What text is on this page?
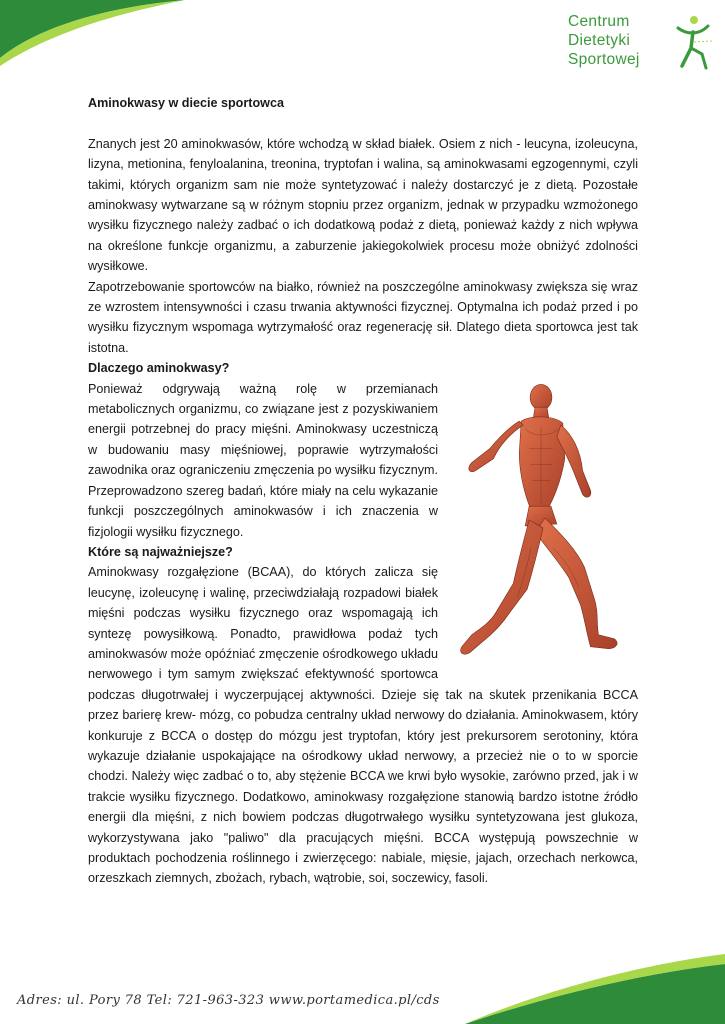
Centrum
Dietetyki
Sportowej

Aminokwasy w diecie sportowca

Znanych jest 20 aminokwasów, które wchodzą w skład białek. Osiem z nich - leucyna, izoleucyna, lizyna, metionina, fenyloalanina, treonina, tryptofan i walina, są aminokwasami egzogennymi, czyli takimi, których organizm sam nie może syntetyzować i należy dostarczyć je z dietą. Pozostałe aminokwasy wytwarzane są w różnym stopniu przez organizm, jednak w przypadku wzmożonego wysiłku fizycznego należy zadbać o ich dodatkową podaż z dietą, ponieważ każdy z nich wpływa na określone funkcje organizmu, a zaburzenie jakiegokolwiek procesu może obniżyć zdolności wysiłkowe.

Zapotrzebowanie sportowców na białko, również na poszczególne aminokwasy zwiększa się wraz ze wzrostem intensywności i czasu trwania aktywności fizycznej. Optymalna ich podaż przed i po wysiłku fizycznym wspomaga wytrzymałość oraz regenerację sił. Dlatego dieta sportowca jest tak istotna.

Dlaczego aminokwasy?

Ponieważ odgrywają ważną rolę w przemianach metabolicznych organizmu, co związane jest z pozyskiwaniem energii potrzebnej do pracy mięśni. Aminokwasy uczestniczą w budowaniu masy mięśniowej, poprawie wytrzymałości zawodnika oraz ograniczeniu zmęczenia po wysiłku fizycznym. Przeprowadzono szereg badań, które miały na celu wykazanie funkcji poszczególnych aminokwasów i ich znaczenia w fizjologii wysiłku fizycznego.

Które są najważniejsze?

Aminokwasy rozgałęzione (BCAA), do których zalicza się leucynę, izoleucynę i walinę, przeciwdziałają rozpadowi białek mięśni podczas wysiłku fizycznego oraz wspomagają ich syntezę powysiłkową. Ponadto, prawidłowa podaż tych aminokwasów może opóźniać zmęczenie ośrodkowego układu nerwowego i tym samym zwiększać efektywność sportowca podczas długotrwałej i wyczerpującej aktywności. Dzieje się tak na skutek przenikania BCCA przez barierę krew- mózg, co pobudza centralny układ nerwowy do działania. Aminokwasem, który konkuruje z BCCA o dostęp do mózgu jest tryptofan, który jest prekursorem serotoniny, która wykazuje działanie uspokajające na ośrodkowy układ nerwowy, a przecież nie o to w sporcie chodzi. Należy więc zadbać o to, aby stężenie BCCA we krwi było wysokie, zarówno przed, jak i w trakcie wysiłku fizycznego. Dodatkowo, aminokwasy rozgałęzione stanowią bardzo istotne źródło energii dla mięśni, z nich bowiem podczas długotrwałego wysiłku syntetyzowana jest glukoza, wykorzystywana jako "paliwo" dla pracujących mięśni. BCCA występują powszechnie w produktach pochodzenia roślinnego i zwierzęcego: nabiale, mięsie, jajach, orzechach nerkowca, orzeszkach ziemnych, zbożach, rybach, wątrobie, soi, soczewicy, fasoli.

Adres: ul. Pory 78 Tel: 721-963-323 www.portamedica.pl/cds
